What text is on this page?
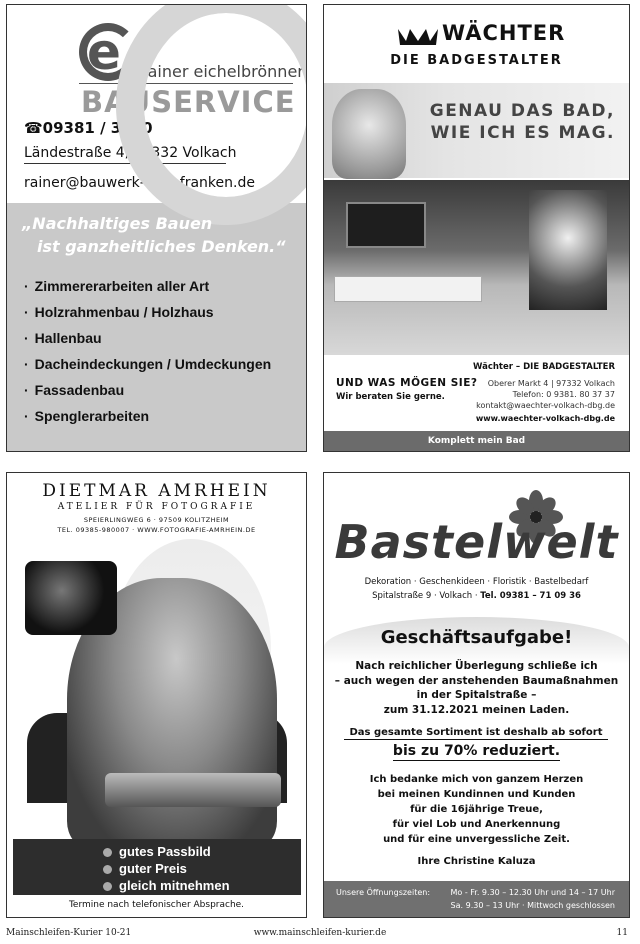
e rainer eichelbrönner
BAUSERVICE
☎09381 / 3050
Ländestraße 4, 97332 Volkach
rainer@bauwerk-mainfranken.de
„Nachhaltiges Bauen
ist ganzheitliches Denken.“
· Zimmererarbeiten aller Art
· Holzrahmenbau / Holzhaus
· Hallenbau
· Dacheindeckungen / Umdeckungen
· Fassadenbau
· Spenglerarbeiten
WÄCHTER
DIE BADGESTALTER
GENAU DAS BAD,
WIE ICH ES MAG.
UND WAS MÖGEN SIE?
Wir beraten Sie gerne.
Wächter – DIE BADGESTALTER
Oberer Markt 4 | 97332 Volkach
Telefon: 0 9381. 80 37 37
kontakt@waechter-volkach-dbg.de
www.waechter-volkach-dbg.de
Komplett mein Bad
DIETMAR AMRHEIN
ATELIER FÜR FOTOGRAFIE
SPEIERLINGWEG 6 · 97509 KOLITZHEIM
TEL. 09385-980007 · WWW.FOTOGRAFIE-AMRHEIN.DE
gutes Passbild
guter Preis
gleich mitnehmen
Termine nach telefonischer Absprache.
Bastelwelt
Dekoration · Geschenkideen · Floristik · Bastelbedarf
Spitalstraße 9 · Volkach · Tel. 09381 – 71 09 36
Geschäftsaufgabe!
Nach reichlicher Überlegung schließe ich
– auch wegen der anstehenden Baumaßnahmen
in der Spitalstraße –
zum 31.12.2021 meinen Laden.
Das gesamte Sortiment ist deshalb ab sofort
bis zu 70% reduziert.
Ich bedanke mich von ganzem Herzen
bei meinen Kundinnen und Kunden
für die 16jährige Treue,
für viel Lob und Anerkennung
und für eine unvergessliche Zeit.
Ihre Christine Kaluza
Unsere Öffnungszeiten:	Mo - Fr. 9.30 – 12.30 Uhr und 14 – 17 Uhr
Sa. 9.30 – 13 Uhr · Mittwoch geschlossen
Mainschleifen-Kurier 10-21	www.mainschleifen-kurier.de	11
